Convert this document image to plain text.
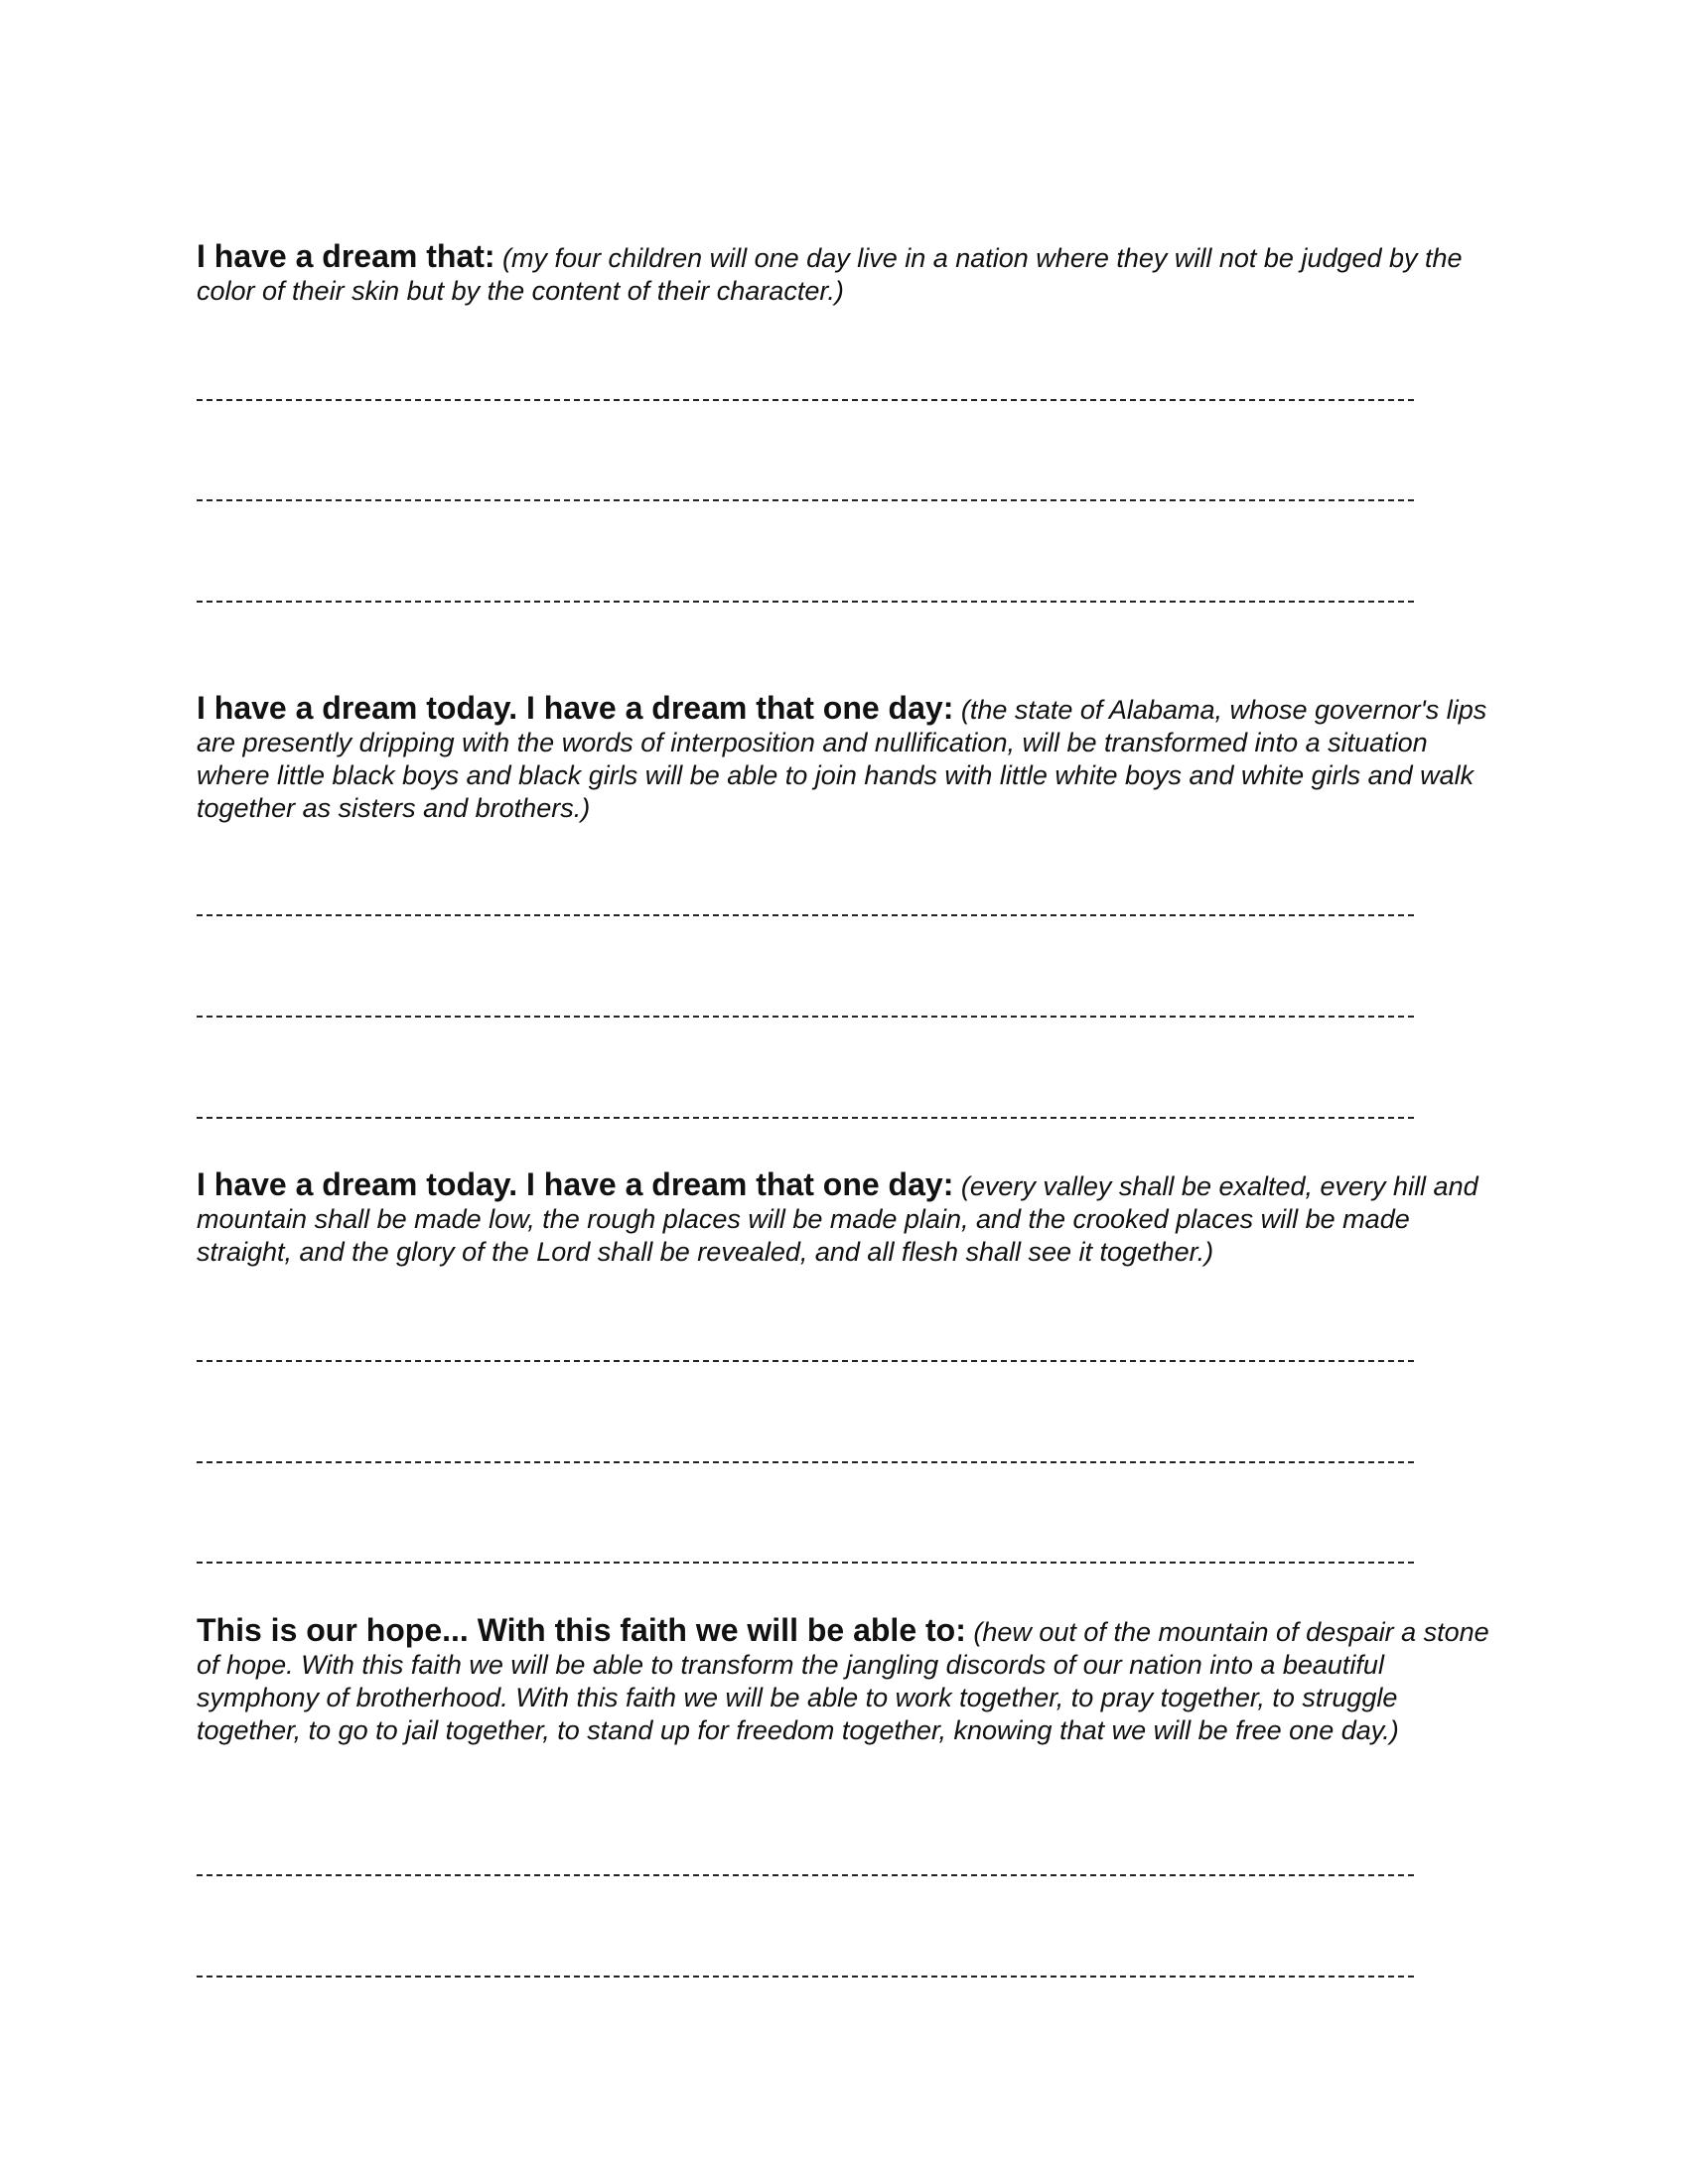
I have a dream that: (my four children will one day live in a nation where they will not be judged by the color of their skin but by the content of their character.)

I have a dream today. I have a dream that one day: (the state of Alabama, whose governor's lips are presently dripping with the words of interposition and nullification, will be transformed into a situation where little black boys and black girls will be able to join hands with little white boys and white girls and walk together as sisters and brothers.)

I have a dream today. I have a dream that one day: (every valley shall be exalted, every hill and mountain shall be made low, the rough places will be made plain, and the crooked places will be made straight, and the glory of the Lord shall be revealed, and all flesh shall see it together.)

This is our hope... With this faith we will be able to: (hew out of the mountain of despair a stone of hope. With this faith we will be able to transform the jangling discords of our nation into a beautiful symphony of brotherhood. With this faith we will be able to work together, to pray together, to struggle together, to go to jail together, to stand up for freedom together, knowing that we will be free one day.)
